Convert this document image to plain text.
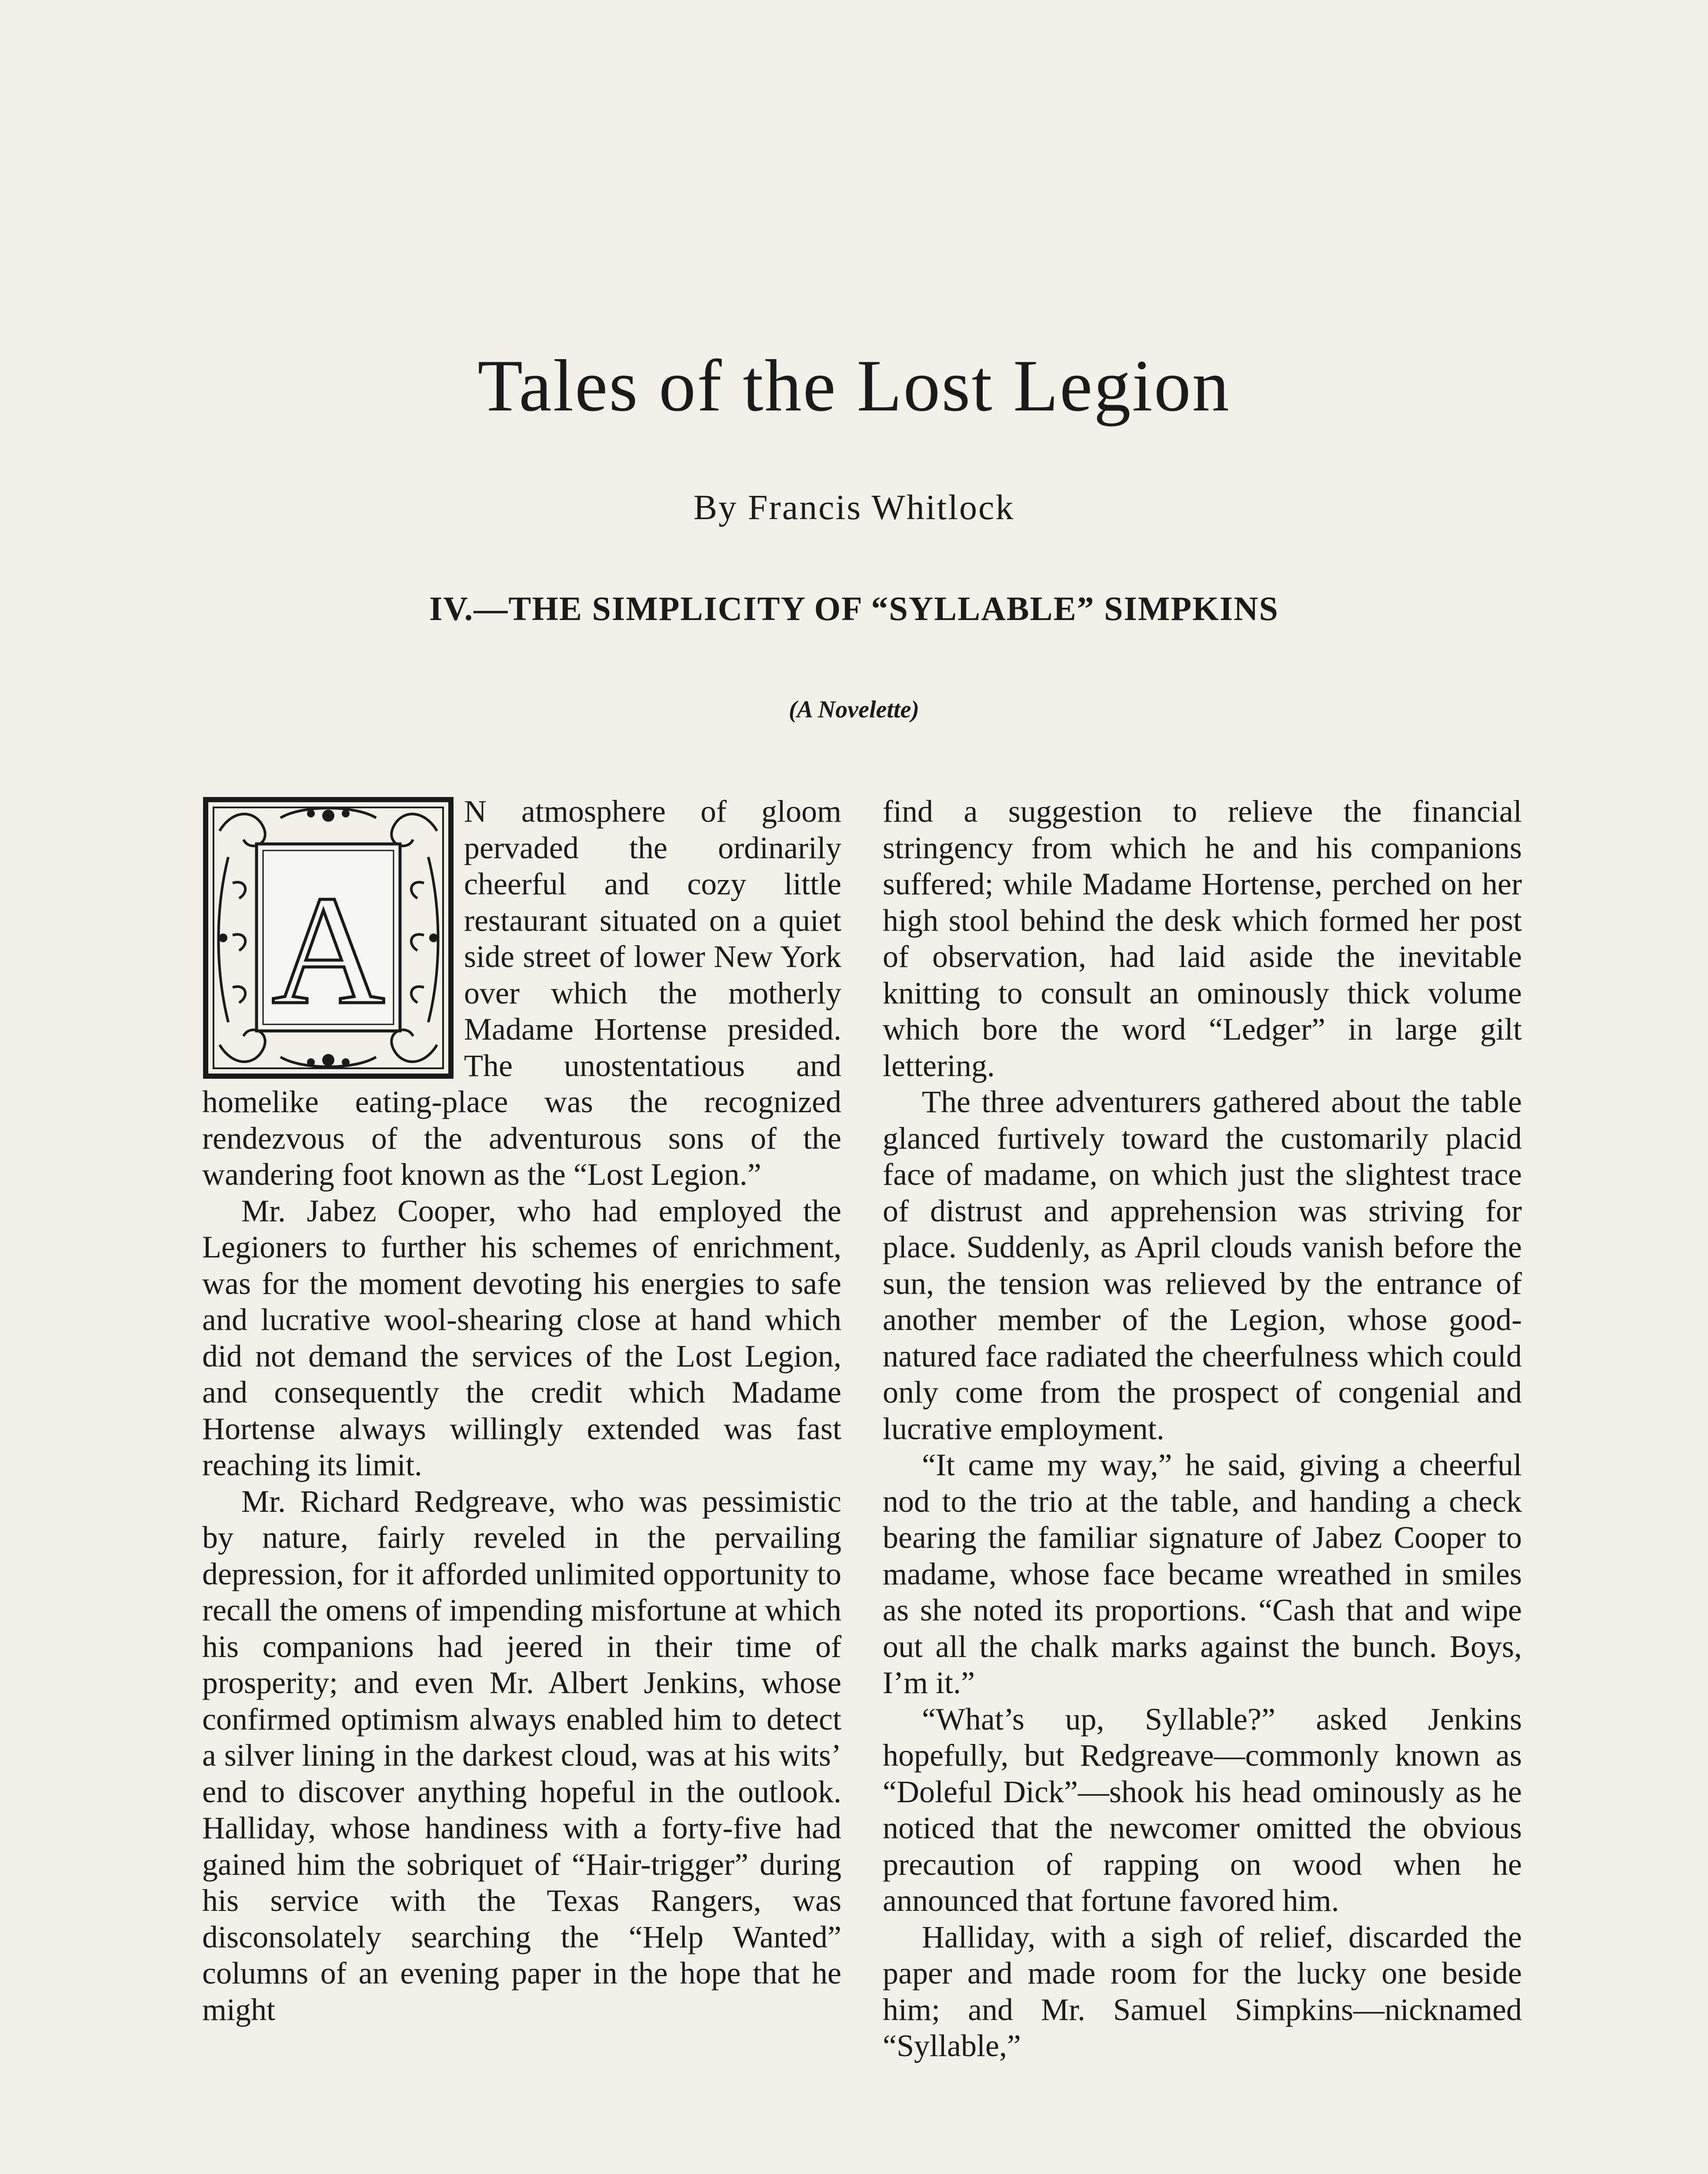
Tales of the Lost Legion
By Francis Whitlock
IV.—THE SIMPLICITY OF “SYLLABLE” SIMPKINS
(A Novelette)
A

N atmosphere of gloom pervaded the ordinarily cheerful and cozy little restaurant situated on a quiet side street of lower New York over which the motherly Madame Hortense presided. The unostentatious and homelike eating-place was the recognized rendezvous of the adventurous sons of the wandering foot known as the “Lost Legion.”

Mr. Jabez Cooper, who had employed the Legioners to further his schemes of enrichment, was for the moment devoting his energies to safe and lucrative wool-shearing close at hand which did not demand the services of the Lost Legion, and consequently the credit which Madame Hortense always willingly extended was fast reaching its limit.

Mr. Richard Redgreave, who was pessimistic by nature, fairly reveled in the pervailing depression, for it afforded unlimited opportunity to recall the omens of impending misfortune at which his companions had jeered in their time of prosperity; and even Mr. Albert Jenkins, whose confirmed optimism always enabled him to detect a silver lining in the darkest cloud, was at his wits’ end to discover anything hopeful in the outlook. Halliday, whose handiness with a forty-five had gained him the sobriquet of “Hair-trigger” during his service with the Texas Rangers, was disconsolately searching the “Help Wanted” columns of an evening paper in the hope that he might

find a suggestion to relieve the financial stringency from which he and his companions suffered; while Madame Hortense, perched on her high stool behind the desk which formed her post of observation, had laid aside the inevitable knitting to consult an ominously thick volume which bore the word “Ledger” in large gilt lettering.

The three adventurers gathered about the table glanced furtively toward the customarily placid face of madame, on which just the slightest trace of distrust and apprehension was striving for place. Suddenly, as April clouds vanish before the sun, the tension was relieved by the entrance of another member of the Legion, whose good-natured face radiated the cheerfulness which could only come from the prospect of congenial and lucrative employment.

“It came my way,” he said, giving a cheerful nod to the trio at the table, and handing a check bearing the familiar signature of Jabez Cooper to madame, whose face became wreathed in smiles as she noted its proportions. “Cash that and wipe out all the chalk marks against the bunch. Boys, I’m it.”

“What’s up, Syllable?” asked Jenkins hopefully, but Redgreave—commonly known as “Doleful Dick”—shook his head ominously as he noticed that the newcomer omitted the obvious precaution of rapping on wood when he announced that fortune favored him.

Halliday, with a sigh of relief, discarded the paper and made room for the lucky one beside him; and Mr. Samuel Simpkins—nicknamed “Syllable,”
